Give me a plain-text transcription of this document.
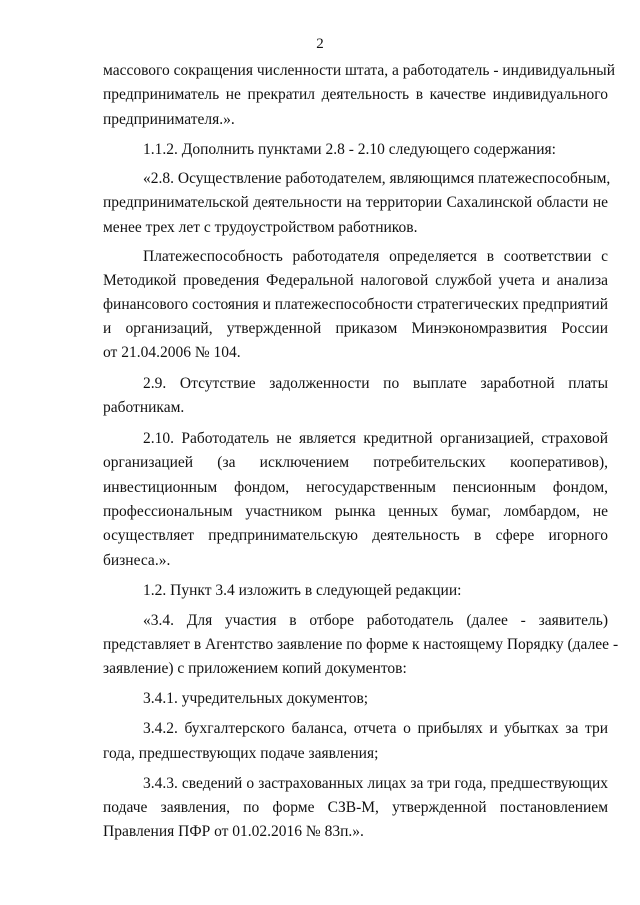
2
массового сокращения численности штата, а работодатель - индивидуальный
предприниматель не прекратил деятельность в качестве индивидуального
предпринимателя.».
1.1.2. Дополнить пунктами 2.8 - 2.10 следующего содержания:
«2.8. Осуществление работодателем, являющимся платежеспособным,
предпринимательской деятельности на территории Сахалинской области не
менее трех лет с трудоустройством работников.
Платежеспособность работодателя определяется в соответствии с
Методикой проведения Федеральной налоговой службой учета и анализа
финансового состояния и платежеспособности стратегических предприятий
и организаций, утвержденной приказом Минэкономразвития России
от 21.04.2006 № 104.
2.9. Отсутствие задолженности по выплате заработной платы
работникам.
2.10. Работодатель не является кредитной организацией, страховой
организацией (за исключением потребительских кооперативов),
инвестиционным фондом, негосударственным пенсионным фондом,
профессиональным участником рынка ценных бумаг, ломбардом, не
осуществляет предпринимательскую деятельность в сфере игорного
бизнеса.».
1.2. Пункт 3.4 изложить в следующей редакции:
«3.4. Для участия в отборе работодатель (далее - заявитель)
представляет в Агентство заявление по форме к настоящему Порядку (далее -
заявление) с приложением копий документов:
3.4.1. учредительных документов;
3.4.2. бухгалтерского баланса, отчета о прибылях и убытках за три
года, предшествующих подаче заявления;
3.4.3. сведений о застрахованных лицах за три года, предшествующих
подаче заявления, по форме СЗВ-М, утвержденной постановлением
Правления ПФР от 01.02.2016 № 83п.».
